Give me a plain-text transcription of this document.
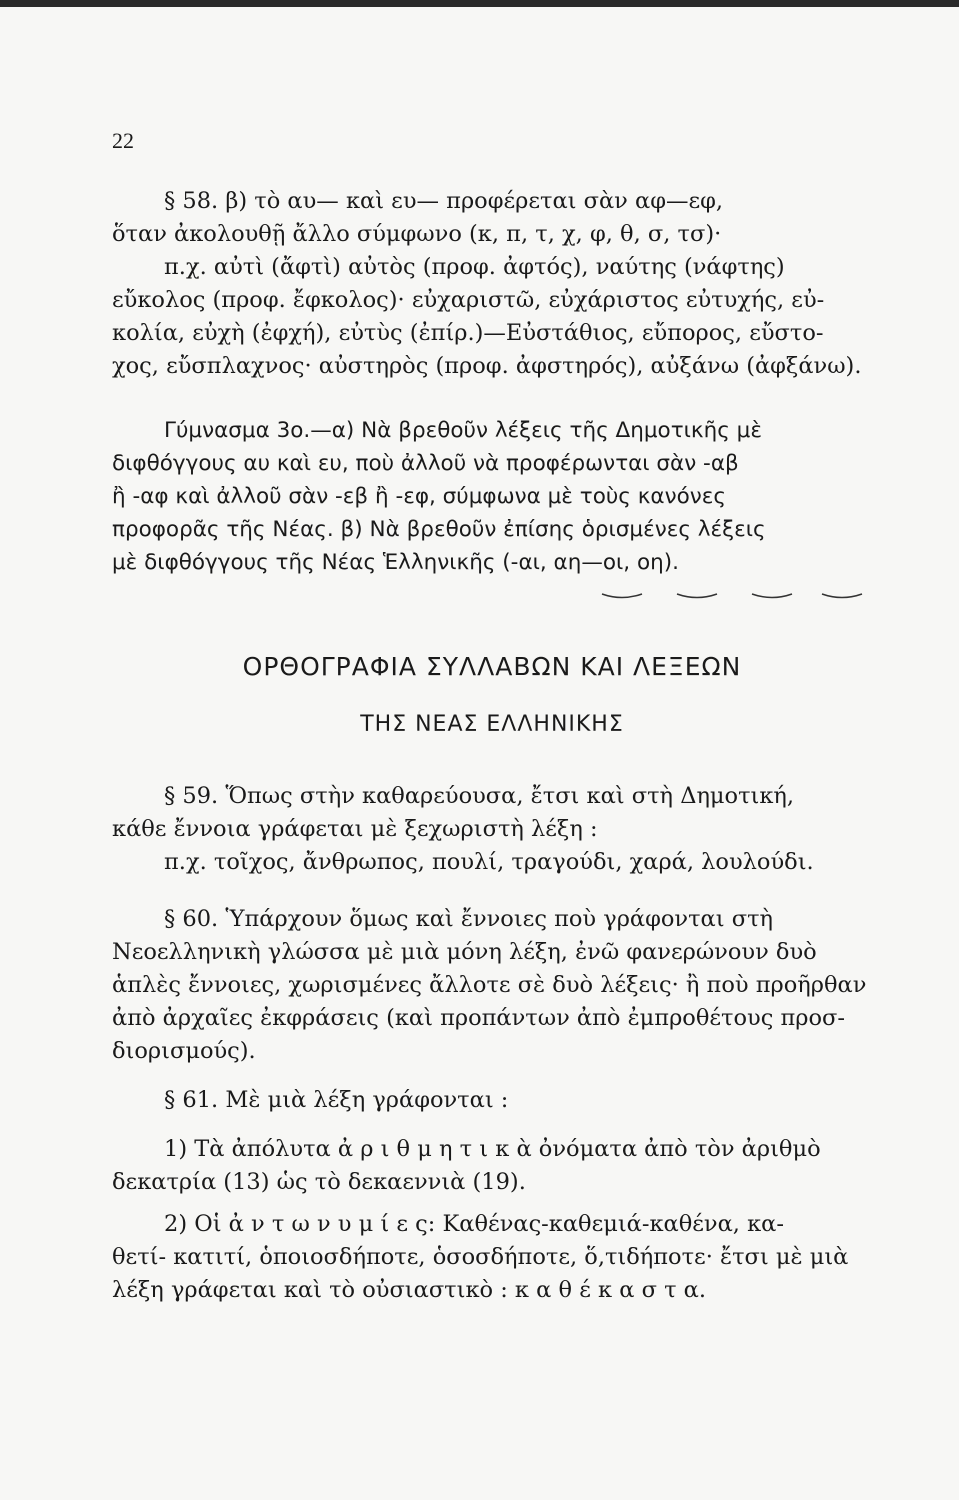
22
§ 58. β) τὸ αυ— καὶ ευ— προφέρεται σὰν αφ—εφ,
ὅταν ἀκολουθῇ ἄλλο σύμφωνο (κ, π, τ, χ, φ, θ, σ, τσ)·
π.χ. αὐτὶ (ἄφτὶ) αὐτὸς (προφ. ἀφτός), ναύτης (νάφτης)
εὔκολος (προφ. ἔφκολος)· εὐχαριστῶ, εὐχάριστος εὐτυχής, εὐ-
κολία, εὐχὴ (ἐφχή), εὐτὺς (ἐπίρ.)—Εὐστάθιος, εὔπορος, εὔστο-
χος, εὔσπλαχνος· αὐστηρὸς (προφ. ἀφστηρός), αὐξάνω (ἀφξάνω).
Γύμνασμα 3ο.—α) Νὰ βρεθοῦν λέξεις τῆς Δημοτικῆς μὲ
διφθόγγους αυ καὶ ευ, ποὺ ἀλλοῦ νὰ προφέρωνται σὰν -αβ
ἢ -αφ καὶ ἀλλοῦ σὰν -εβ ἢ -εφ, σύμφωνα μὲ τοὺς κανόνες
προφορᾶς τῆς Νέας. β) Νὰ βρεθοῦν ἐπίσης ὁρισμένες λέξεις
μὲ διφθόγγους τῆς Νέας Ἑλληνικῆς (-αι, αη—οι, οη).
ΟΡΘΟΓΡΑΦΙΑ ΣΥΛΛΑΒΩΝ ΚΑΙ ΛΕΞΕΩΝ
ΤΗΣ ΝΕΑΣ ΕΛΛΗΝΙΚΗΣ
§ 59. Ὅπως στὴν καθαρεύουσα, ἔτσι καὶ στὴ Δημοτική,
κάθε ἔννοια γράφεται μὲ ξεχωριστὴ λέξη :
π.χ. τοῖχος, ἄνθρωπος, πουλί, τραγούδι, χαρά, λουλούδι.
§ 60. Ὑπάρχουν ὅμως καὶ ἔννοιες ποὺ γράφονται στὴ
Νεοελληνικὴ γλώσσα μὲ μιὰ μόνη λέξη, ἐνῶ φανερώνουν δυὸ
ἁπλὲς ἔννοιες, χωρισμένες ἄλλοτε σὲ δυὸ λέξεις· ἢ ποὺ προῆρθαν
ἀπὸ ἀρχαῖες ἐκφράσεις (καὶ προπάντων ἀπὸ ἐμπροθέτους προσ-
διορισμούς).
§ 61. Μὲ μιὰ λέξη γράφονται :
1) Τὰ ἀπόλυτα ἀ ρ ι θ μ η τ ι κ ὰ ὀνόματα ἀπὸ τὸν ἀριθμὸ
δεκατρία (13) ὡς τὸ δεκαεννιὰ (19).
2) Οἱ ἀ ν τ ω ν υ μ ί ε ς: Καθένας-καθεμιά-καθένα, κα-
θετί- κατιτί, ὁποιοσδήποτε, ὁσοσδήποτε, ὅ,τιδήποτε· ἔτσι μὲ μιὰ
λέξη γράφεται καὶ τὸ οὐσιαστικὸ : κ α θ έ κ α σ τ α.
